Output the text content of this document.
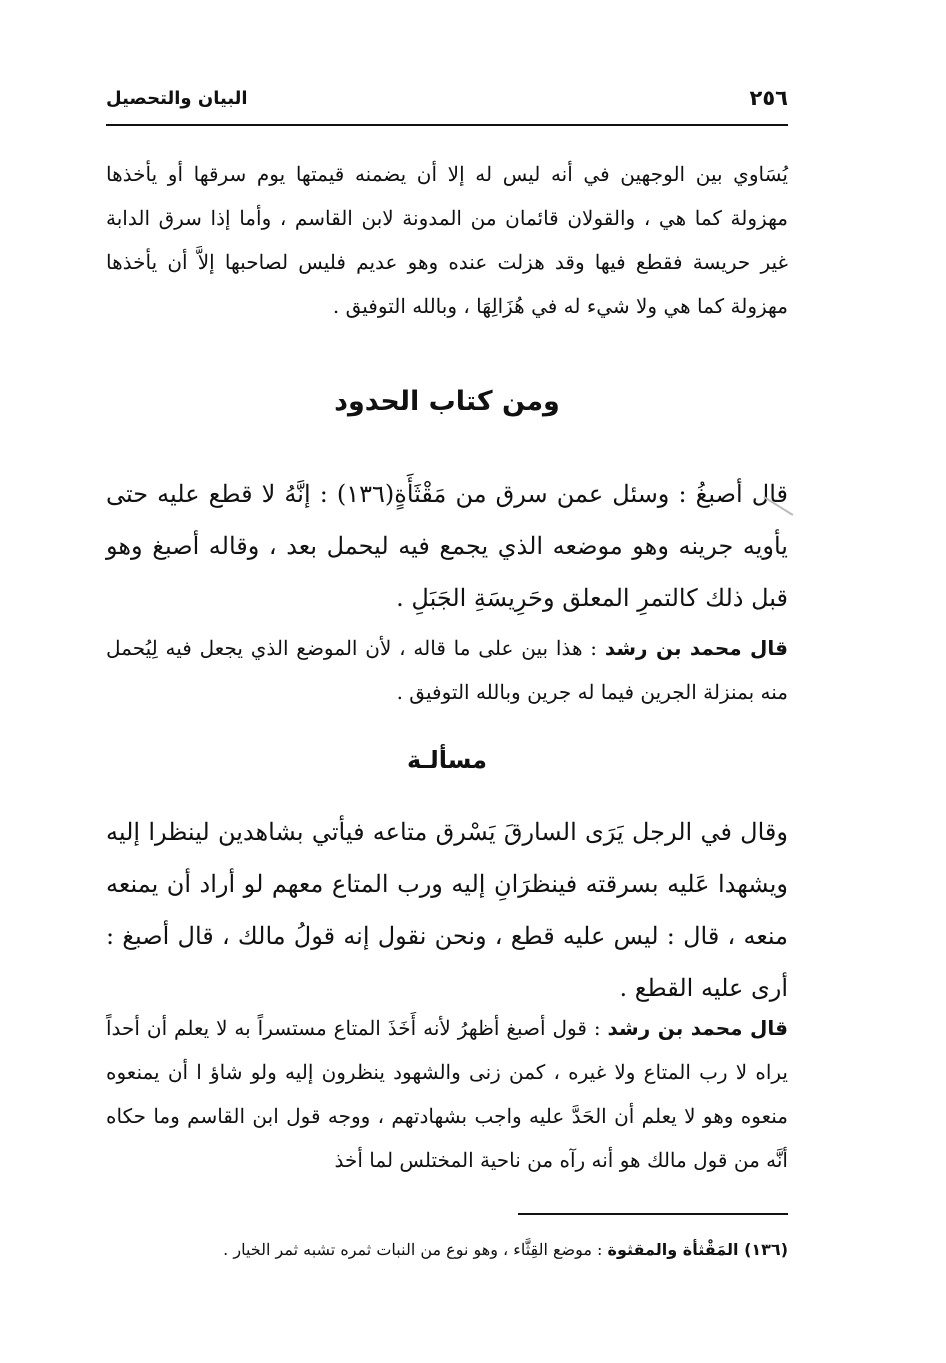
٢٥٦
البيان والتحصيل

يُسَاوي بين الوجهين في أنه ليس له إلا أن يضمنه قيمتها يوم سرقها أو يأخذها مهزولة كما هي ، والقولان قائمان من المدونة لابن القاسم ، وأما إذا سرق الدابة غير حريسة فقطع فيها وقد هزلت عنده وهو عديم فليس لصاحبها إلاَّ أن يأخذها مهزولة كما هي ولا شيء له في هُزَالِهَا ، وبالله التوفيق .

ومن كتاب الحدود

قال أصبغُ : وسئل عمن سرق من مَقْثَأَةٍ(١٣٦) : إنَّهُ لا قطع عليه حتى يأويه جرينه وهو موضعه الذي يجمع فيه ليحمل بعد ، وقاله أصبغ وهو قبل ذلك كالتمرِ المعلق وحَرِيسَةِ الجَبَلِ .

قال محمد بن رشد : هذا بين على ما قاله ، لأن الموضع الذي يجعل فيه لِيُحمل منه بمنزلة الجرين فيما له جرين وبالله التوفيق .

مسألـة

وقال في الرجل يَرَى السارقَ يَسْرق متاعه فيأتي بشاهدين لينظرا إليه ويشهدا عَليه بسرقته فينظرَانِ إليه ورب المتاع معهم لو أراد أن يمنعه منعه ، قال : ليس عليه قطع ، ونحن نقول إنه قولُ مالك ، قال أصبغ : أرى عليه القطع .

قال محمد بن رشد : قول أصبغ أظهرُ لأنه أَخَذَ المتاع مستسراً به لا يعلم أن أحداً يراه لا رب المتاع ولا غيره ، كمن زنى والشهود ينظرون إليه ولو شاؤ ا أن يمنعوه منعوه وهو لا يعلم أن الحَدَّ عليه واجب بشهادتهم ، ووجه قول ابن القاسم وما حكاه أنَّه من قول مالك هو أنه رآه من ناحية المختلس لما أخذ

(١٣٦) المَقْثأة والمقثوة : موضع القِثَّاء ، وهو نوع من النبات ثمره تشبه ثمر الخيار .
